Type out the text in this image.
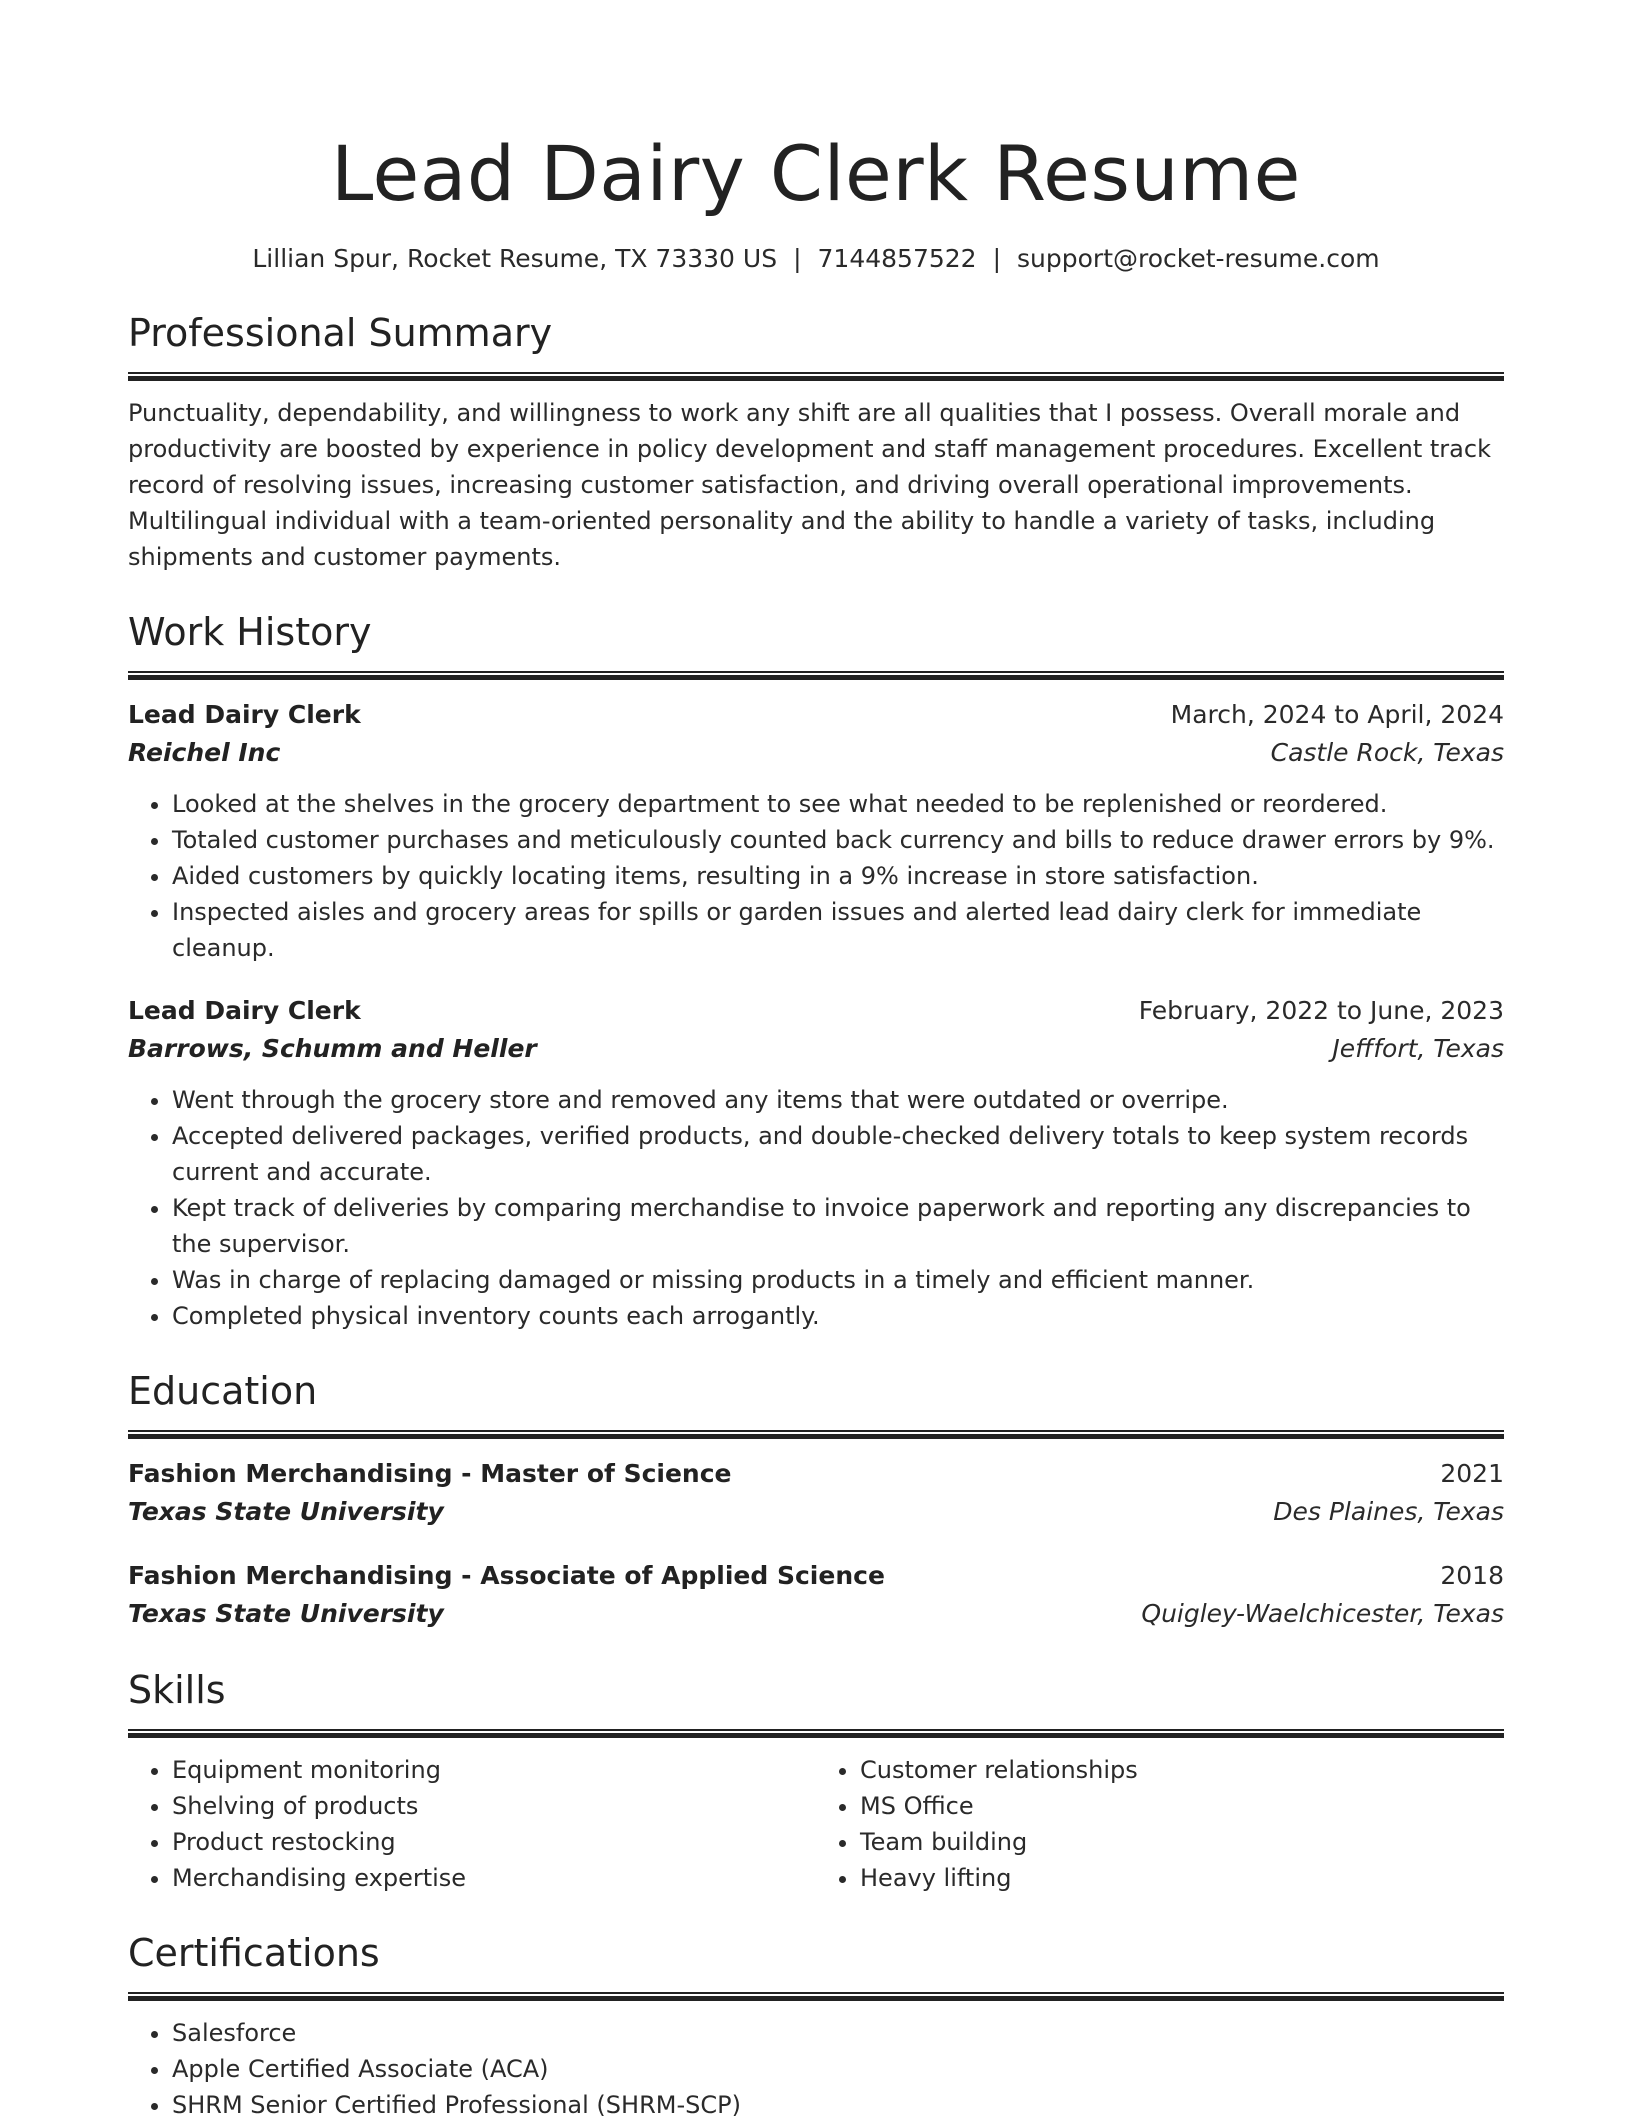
Lead Dairy Clerk Resume
Lillian Spur, Rocket Resume, TX 73330 US | 7144857522 | support@rocket-resume.com
Professional Summary
Punctuality, dependability, and willingness to work any shift are all qualities that I possess. Overall morale and productivity are boosted by experience in policy development and staff management procedures. Excellent track record of resolving issues, increasing customer satisfaction, and driving overall operational improvements. Multilingual individual with a team-oriented personality and the ability to handle a variety of tasks, including shipments and customer payments.
Work History
Lead Dairy Clerk	March, 2024 to April, 2024
Reichel Inc	Castle Rock, Texas
• Looked at the shelves in the grocery department to see what needed to be replenished or reordered.
• Totaled customer purchases and meticulously counted back currency and bills to reduce drawer errors by 9%.
• Aided customers by quickly locating items, resulting in a 9% increase in store satisfaction.
• Inspected aisles and grocery areas for spills or garden issues and alerted lead dairy clerk for immediate cleanup.
Lead Dairy Clerk	February, 2022 to June, 2023
Barrows, Schumm and Heller	Jefffort, Texas
• Went through the grocery store and removed any items that were outdated or overripe.
• Accepted delivered packages, verified products, and double-checked delivery totals to keep system records current and accurate.
• Kept track of deliveries by comparing merchandise to invoice paperwork and reporting any discrepancies to the supervisor.
• Was in charge of replacing damaged or missing products in a timely and efficient manner.
• Completed physical inventory counts each arrogantly.
Education
Fashion Merchandising - Master of Science	2021
Texas State University	Des Plaines, Texas
Fashion Merchandising - Associate of Applied Science	2018
Texas State University	Quigley-Waelchicester, Texas
Skills
• Equipment monitoring
• Shelving of products
• Product restocking
• Merchandising expertise
• Customer relationships
• MS Office
• Team building
• Heavy lifting
Certifications
• Salesforce
• Apple Certified Associate (ACA)
• SHRM Senior Certified Professional (SHRM-SCP)
